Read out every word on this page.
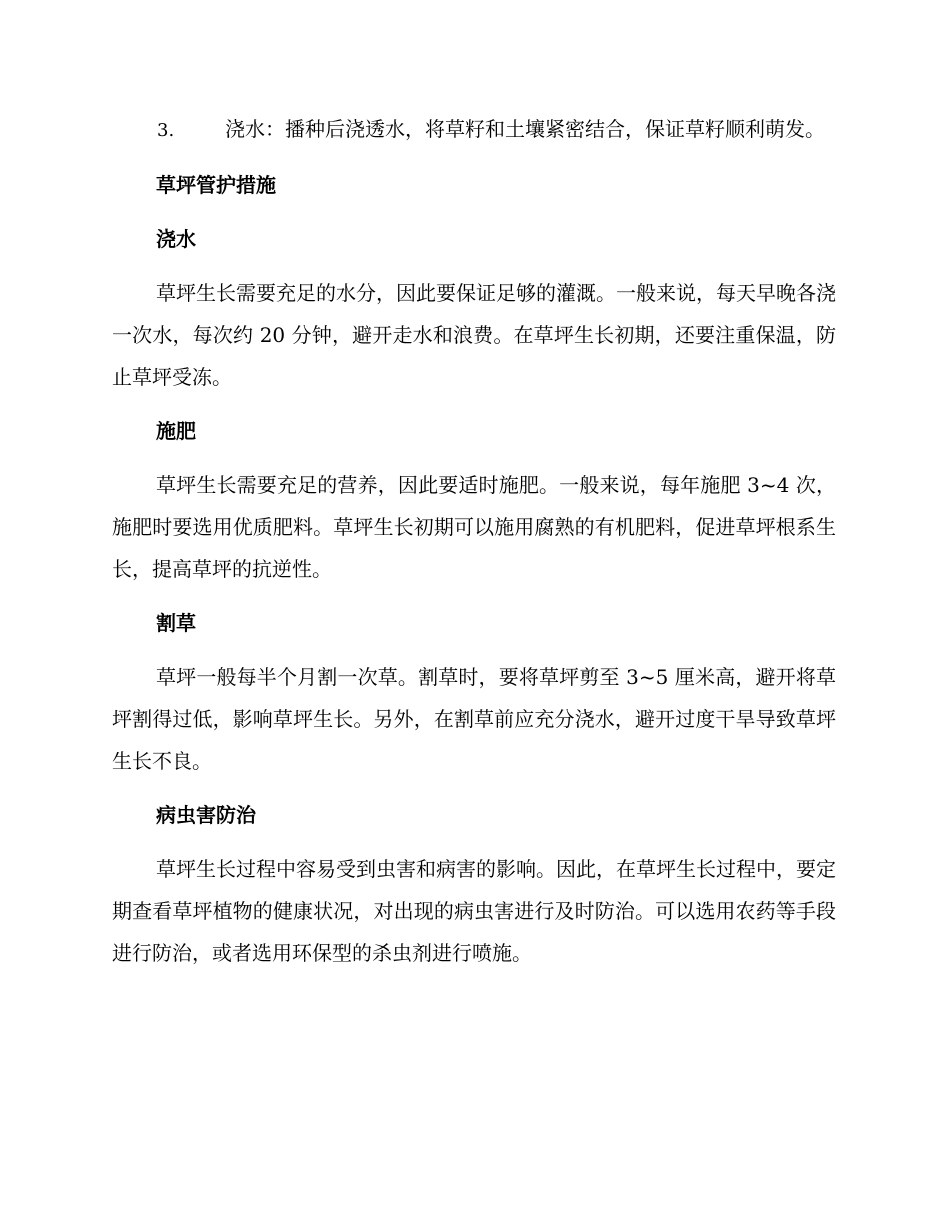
3.	浇水：播种后浇透水，将草籽和土壤紧密结合，保证草籽顺利萌发。

草坪管护措施
浇水

草坪生长需要充足的水分，因此要保证足够的灌溉。一般来说，每天早晚各浇一次水，每次约 20 分钟，避开走水和浪费。在草坪生长初期，还要注重保温，防止草坪受冻。

施肥

草坪生长需要充足的营养，因此要适时施肥。一般来说，每年施肥 3~4 次，施肥时要选用优质肥料。草坪生长初期可以施用腐熟的有机肥料，促进草坪根系生长，提高草坪的抗逆性。

割草

草坪一般每半个月割一次草。割草时，要将草坪剪至 3~5 厘米高，避开将草坪割得过低，影响草坪生长。另外，在割草前应充分浇水，避开过度干旱导致草坪生长不良。

病虫害防治

草坪生长过程中容易受到虫害和病害的影响。因此，在草坪生长过程中，要定期查看草坪植物的健康状况，对出现的病虫害进行及时防治。可以选用农药等手段进行防治，或者选用环保型的杀虫剂进行喷施。
